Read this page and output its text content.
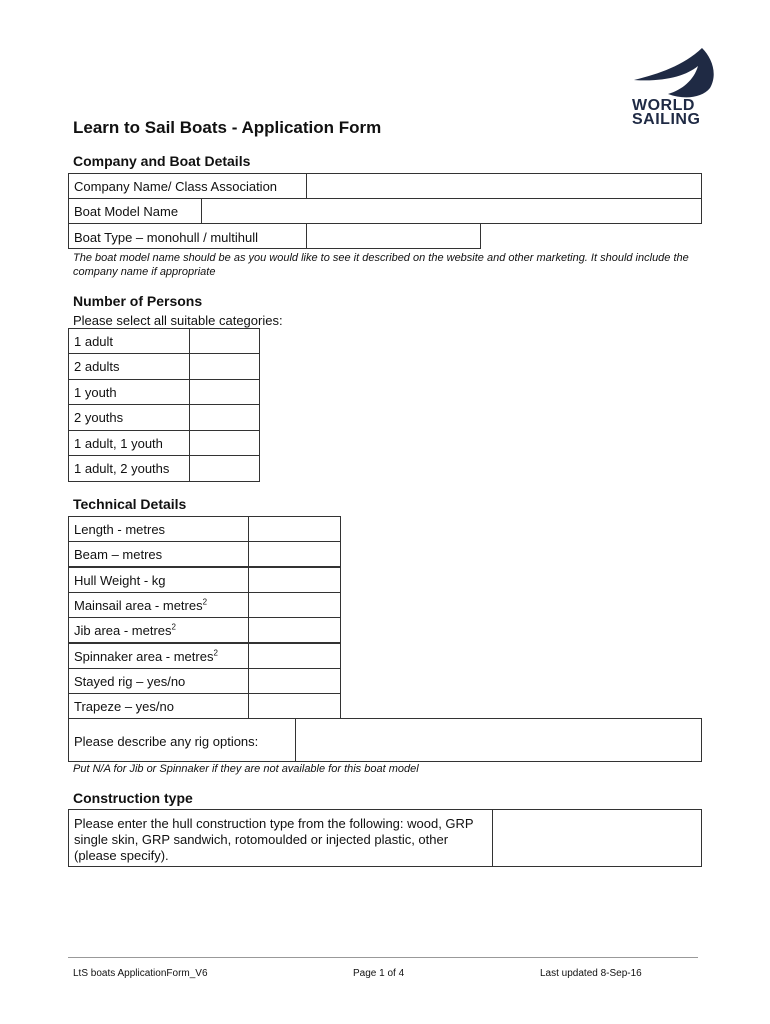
WORLD
SAILING
Learn to Sail Boats - Application Form
Company and Boat Details
Company Name/ Class Association
Boat Model Name
Boat Type – monohull / multihull
The boat model name should be as you would like to see it described on the website and other marketing. It should include the company name if appropriate
Number of Persons
Please select all suitable categories:
1 adult
2 adults
1 youth
2 youths
1 adult, 1 youth
1 adult, 2 youths
Technical Details
Length - metres
Beam – metres
Hull Weight - kg
Mainsail area - metres$^2$
Jib area - metres$^2$
Spinnaker area - metres$^2$
Stayed rig – yes/no
Trapeze – yes/no
Please describe any rig options:
Put N/A for Jib or Spinnaker if they are not available for this boat model
Construction type
Please enter the hull construction type from the following: wood, GRP single skin, GRP sandwich, rotomoulded or injected plastic, other (please specify).
LtS boats ApplicationForm_V6	Page 1 of 4	Last updated 8-Sep-16
